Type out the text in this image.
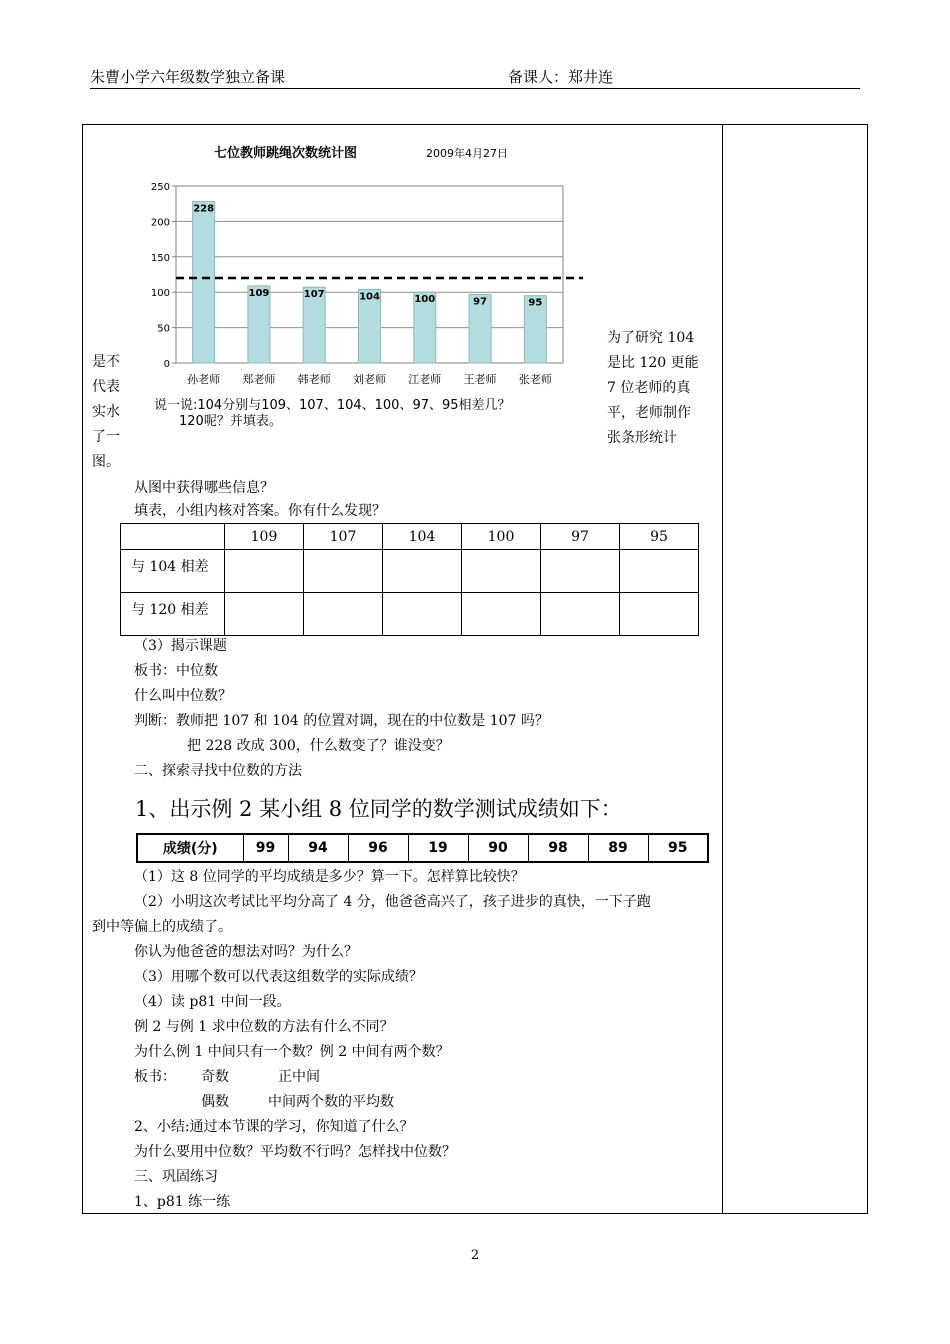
朱曹小学六年级数学独立备课	备课人：郑井连
是不
代表
实水
了一
图。
为了研究 104
是比 120 更能
7 位老师的真
平，老师制作
张条形统计
七位教师跳绳次数统计图	2009年4月27日
0
50
100
150
200
250
228
孙老师
109
郑老师
107
韩老师
104
刘老师
100
江老师
97
王老师
95
张老师
说一说:104分别与109、107、104、100、97、95相差几？
120呢？并填表。
从图中获得哪些信息？
填表，小组内核对答案。你有什么发现？
	109	107	104	100	97	95
与 104 相差						
与 120 相差						
（3）揭示课题
板书：中位数
什么叫中位数？
判断：教师把 107 和 104 的位置对调，现在的中位数是 107 吗？
把 228 改成 300，什么数变了？谁没变？
二、探索寻找中位数的方法
1、出示例 2 某小组 8 位同学的数学测试成绩如下：
成绩(分)	99	94	96	19	90	98	89	95
（1）这 8 位同学的平均成绩是多少？算一下。怎样算比较快？
（2）小明这次考试比平均分高了 4 分，他爸爸高兴了，孩子进步的真快，一下子跑
到中等偏上的成绩了。
你认为他爸爸的想法对吗？为什么？
（3）用哪个数可以代表这组数学的实际成绩？
（4）读 p81 中间一段。
例 2 与例 1 求中位数的方法有什么不同？
为什么例 1 中间只有一个数？例 2 中间有两个数？
板书： 奇数	正中间
偶数	中间两个数的平均数
2、小结:通过本节课的学习，你知道了什么？
为什么要用中位数？平均数不行吗？怎样找中位数？
三、巩固练习
1、p81 练一练
2
